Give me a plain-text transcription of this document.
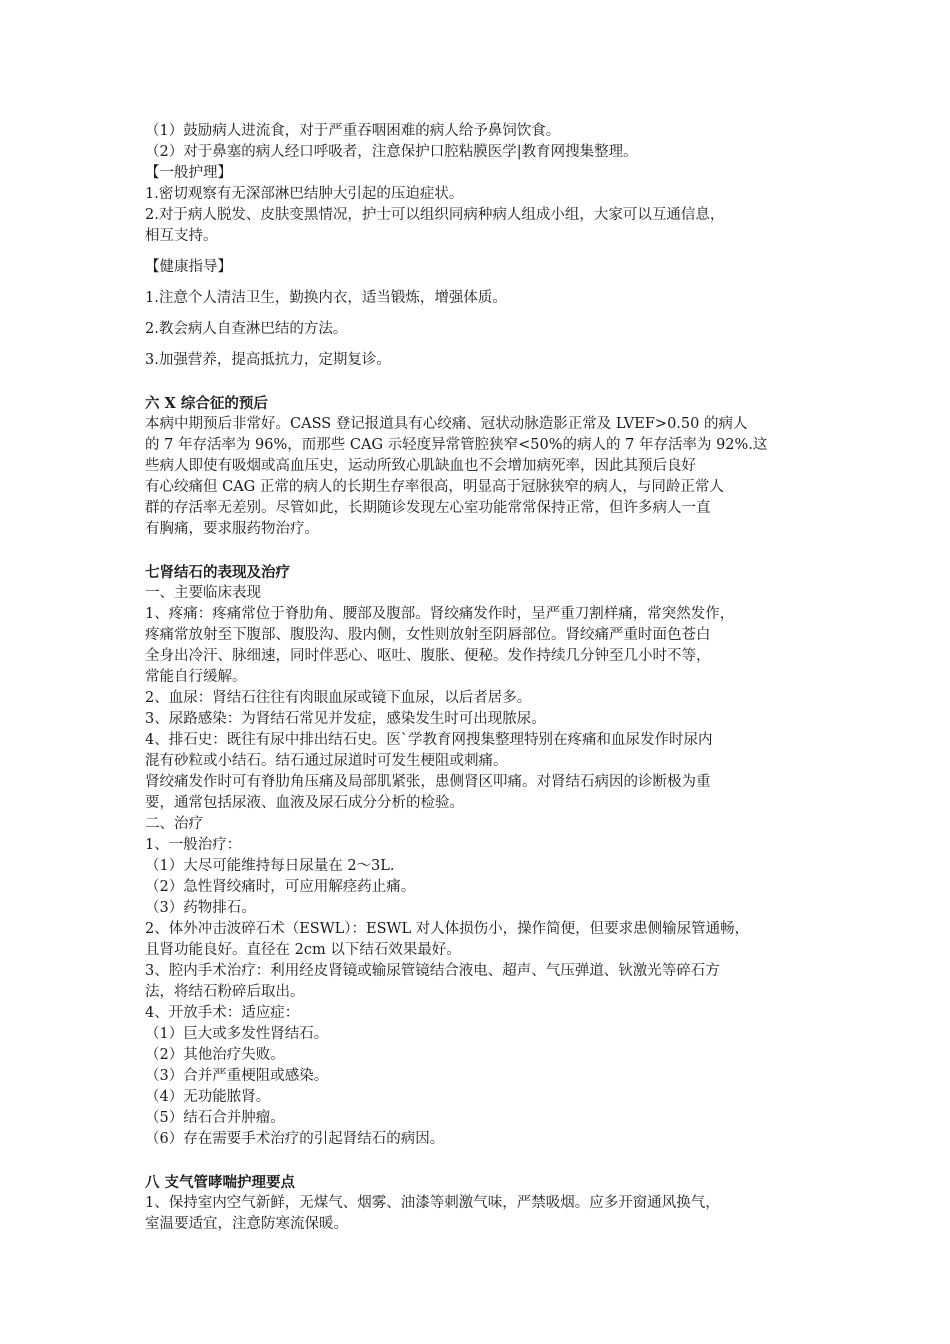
（1）鼓励病人进流食，对于严重吞咽困难的病人给予鼻饲饮食。
（2）对于鼻塞的病人经口呼吸者，注意保护口腔粘膜医学|教育网搜集整理。
【一般护理】
1.密切观察有无深部淋巴结肿大引起的压迫症状。
2.对于病人脱发、皮肤变黑情况，护士可以组织同病种病人组成小组，大家可以互通信息，
相互支持。
【健康指导】
1.注意个人清洁卫生，勤换内衣，适当锻炼，增强体质。
2.教会病人自查淋巴结的方法。
3.加强营养，提高抵抗力，定期复诊。
六 X 综合征的预后
本病中期预后非常好。CASS 登记报道具有心绞痛、冠状动脉造影正常及 LVEF>0.50 的病人
的 7 年存活率为 96%，而那些 CAG 示轻度异常管腔狭窄<50%的病人的 7 年存活率为 92%.这
些病人即使有吸烟或高血压史，运动所致心肌缺血也不会增加病死率，因此其预后良好
有心绞痛但 CAG 正常的病人的长期生存率很高，明显高于冠脉狭窄的病人，与同龄正常人
群的存活率无差别。尽管如此，长期随诊发现左心室功能常常保持正常，但许多病人一直
有胸痛，要求服药物治疗。
七肾结石的表现及治疗
一、主要临床表现
1、疼痛：疼痛常位于脊肋角、腰部及腹部。肾绞痛发作时，呈严重刀割样痛，常突然发作，
疼痛常放射至下腹部、腹股沟、股内侧，女性则放射至阴唇部位。肾绞痛严重时面色苍白
全身出冷汗、脉细速，同时伴恶心、呕吐、腹胀、便秘。发作持续几分钟至几小时不等，
常能自行缓解。
2、血尿：肾结石往往有肉眼血尿或镜下血尿，以后者居多。
3、尿路感染：为肾结石常见并发症，感染发生时可出现脓尿。
4、排石史：既往有尿中排出结石史。医`学教育网搜集整理特别在疼痛和血尿发作时尿内
混有砂粒或小结石。结石通过尿道时可发生梗阻或刺痛。
肾绞痛发作时可有脊肋角压痛及局部肌紧张，患侧肾区叩痛。对肾结石病因的诊断极为重
要，通常包括尿液、血液及尿石成分分析的检验。
二、治疗
1、一般治疗：
（1）大尽可能维持每日尿量在 2～3L.
（2）急性肾绞痛时，可应用解痉药止痛。
（3）药物排石。
2、体外冲击波碎石术（ESWL）：ESWL 对人体损伤小，操作简便，但要求患侧输尿管通畅，
且肾功能良好。直径在 2cm 以下结石效果最好。
3、腔内手术治疗：利用经皮肾镜或输尿管镜结合液电、超声、气压弹道、钬激光等碎石方
法，将结石粉碎后取出。
4、开放手术：适应症：
（1）巨大或多发性肾结石。
（2）其他治疗失败。
（3）合并严重梗阻或感染。
（4）无功能脓肾。
（5）结石合并肿瘤。
（6）存在需要手术治疗的引起肾结石的病因。
八 支气管哮喘护理要点
1、保持室内空气新鲜，无煤气、烟雾、油漆等刺激气味，严禁吸烟。应多开窗通风换气，
室温要适宜，注意防寒流保暖。
